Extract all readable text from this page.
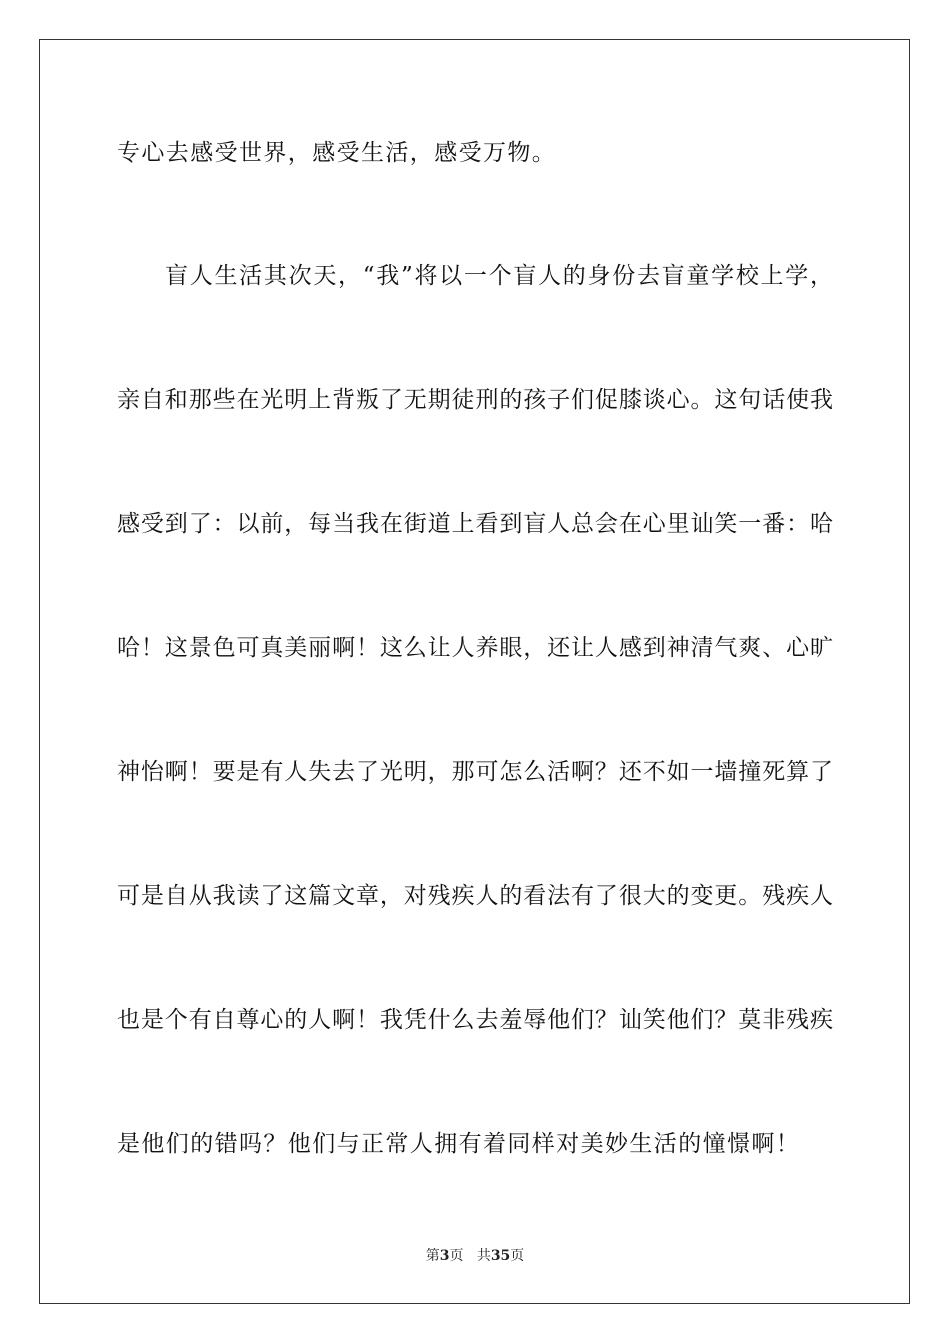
专心去感受世界，感受生活，感受万物。
盲人生活其次天，“我”将以一个盲人的身份去盲童学校上学，
亲自和那些在光明上背叛了无期徒刑的孩子们促膝谈心。这句话使我
感受到了：以前，每当我在街道上看到盲人总会在心里讪笑一番：哈
哈！这景色可真美丽啊！这么让人养眼，还让人感到神清气爽、心旷
神怡啊！要是有人失去了光明，那可怎么活啊？还不如一墙撞死算了
可是自从我读了这篇文章，对残疾人的看法有了很大的变更。残疾人
也是个有自尊心的人啊！我凭什么去羞辱他们？讪笑他们？莫非残疾
是他们的错吗？他们与正常人拥有着同样对美妙生活的憧憬啊！
第3页 共35页
